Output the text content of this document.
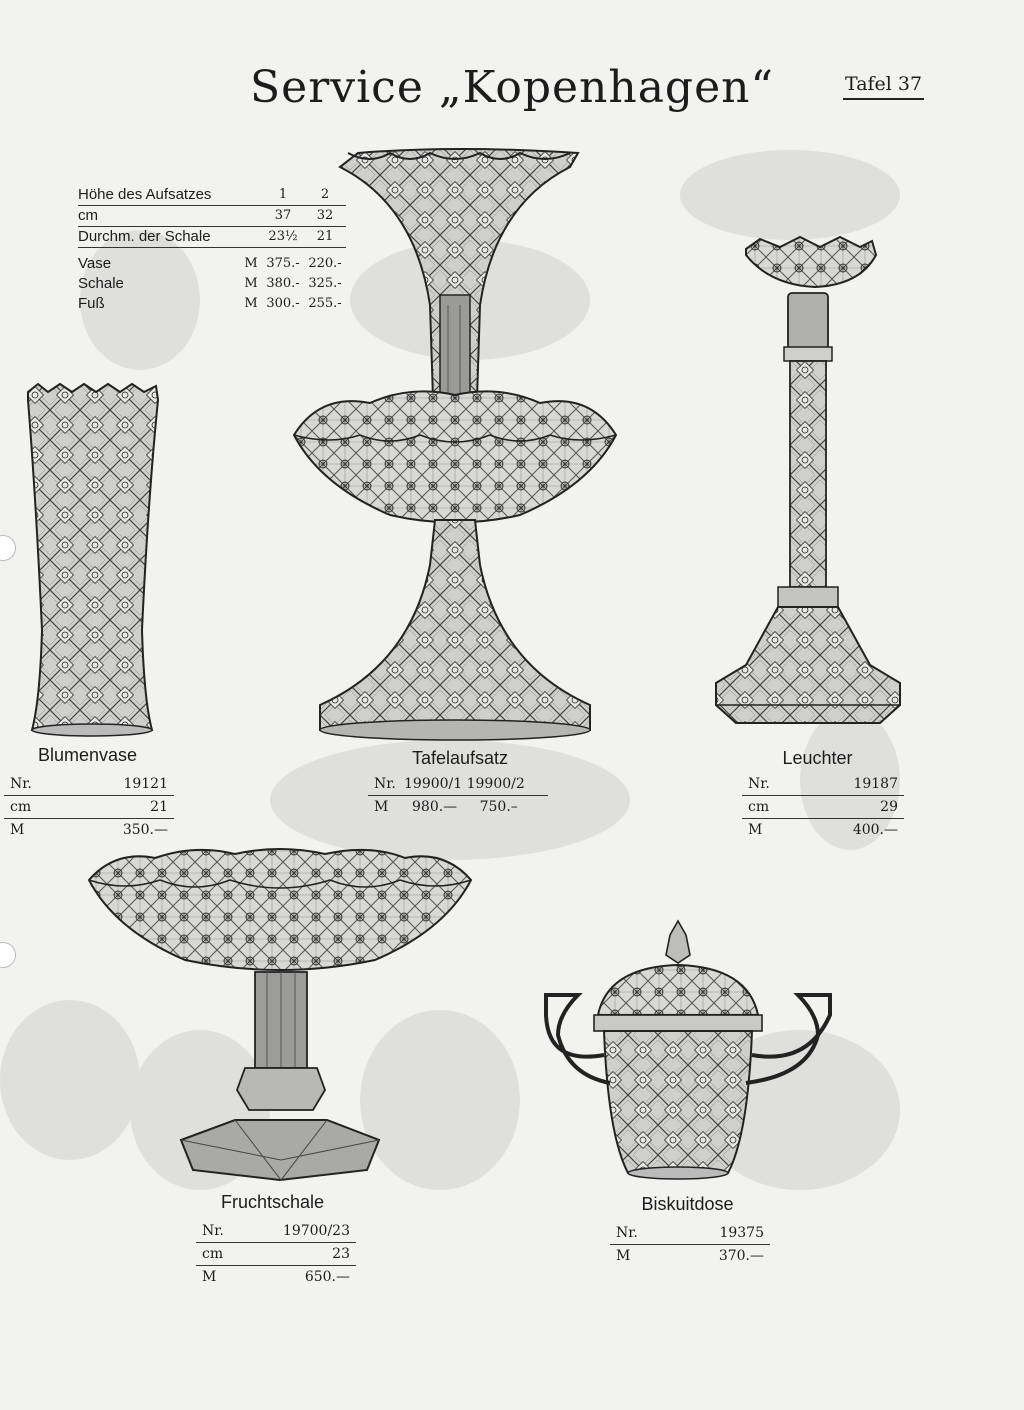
Service „Kopenhagen“	Tafel 37
Höhe des Aufsatzes	1	2
cm	37	32
Durchm. der Schale	23½	21
Vase	M 375.- 220.-
Schale	M 380.- 325.-
Fuß	M 300.- 255.-
Blumenvase
Nr.	19121
cm	21
M	350.—
Tafelaufsatz
Nr. 19900/1 19900/2
M	980.— 750.–
Leuchter
Nr.	19187
cm	29
M	400.—
Fruchtschale
Nr.	19700/23
cm	23
M	650.—
Biskuitdose
Nr.	19375
M	370.—
